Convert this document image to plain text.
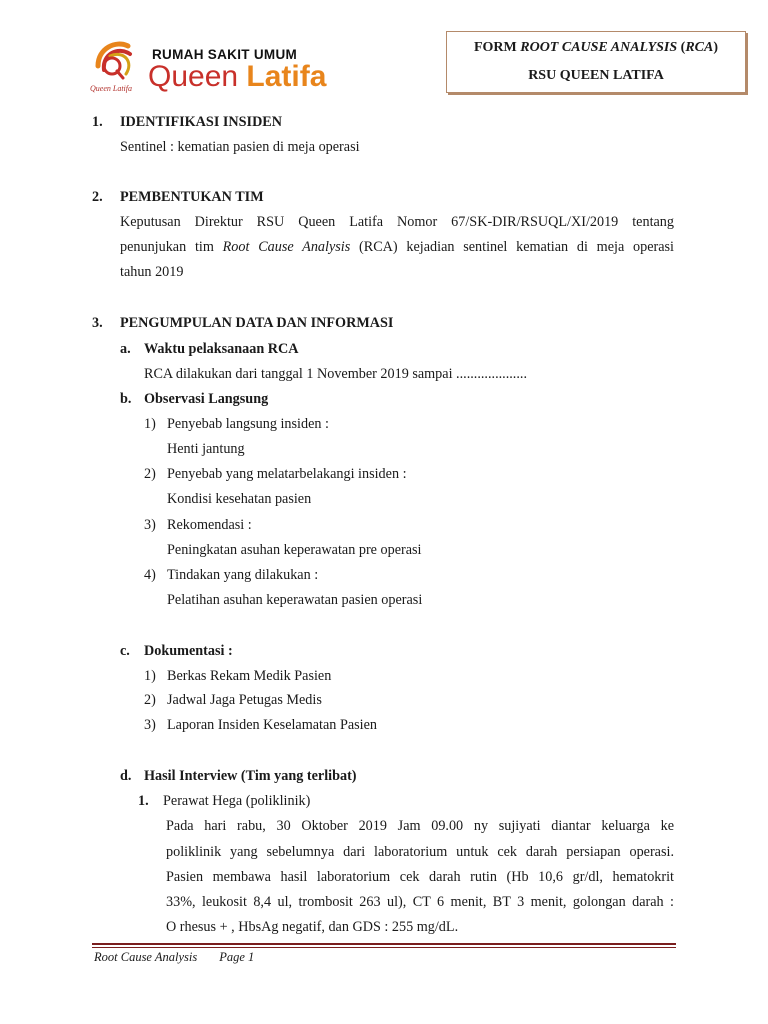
Queen Latifa
RUMAH SAKIT UMUM
Queen Latifa
FORM ROOT CAUSE ANALYSIS (RCA)
RSU QUEEN LATIFA
1. IDENTIFIKASI INSIDEN
Sentinel : kematian pasien di meja operasi
2. PEMBENTUKAN TIM
Keputusan Direktur RSU Queen Latifa Nomor 67/SK-DIR/RSUQL/XI/2019 tentang
penunjukan tim Root Cause Analysis (RCA) kejadian sentinel kematian di meja operasi
tahun 2019
3. PENGUMPULAN DATA DAN INFORMASI
a. Waktu pelaksanaan RCA
RCA dilakukan dari tanggal 1 November 2019 sampai ....................
b. Observasi Langsung
1) Penyebab langsung insiden :
Henti jantung
2) Penyebab yang melatarbelakangi insiden :
Kondisi kesehatan pasien
3) Rekomendasi :
Peningkatan asuhan keperawatan pre operasi
4) Tindakan yang dilakukan :
Pelatihan asuhan keperawatan pasien operasi
c. Dokumentasi :
1) Berkas Rekam Medik Pasien
2) Jadwal Jaga Petugas Medis
3) Laporan Insiden Keselamatan Pasien
d. Hasil Interview (Tim yang terlibat)
1. Perawat Hega (poliklinik)
Pada hari rabu, 30 Oktober 2019 Jam 09.00 ny sujiyati diantar keluarga ke
poliklinik yang sebelumnya dari laboratorium untuk cek darah persiapan operasi.
Pasien membawa hasil laboratorium cek darah rutin (Hb 10,6 gr/dl, hematokrit
33%, leukosit 8,4 ul, trombosit 263 ul), CT 6 menit, BT 3 menit, golongan darah :
O rhesus + , HbsAg negatif, dan GDS : 255 mg/dL.
Root Cause Analysis Page 1
